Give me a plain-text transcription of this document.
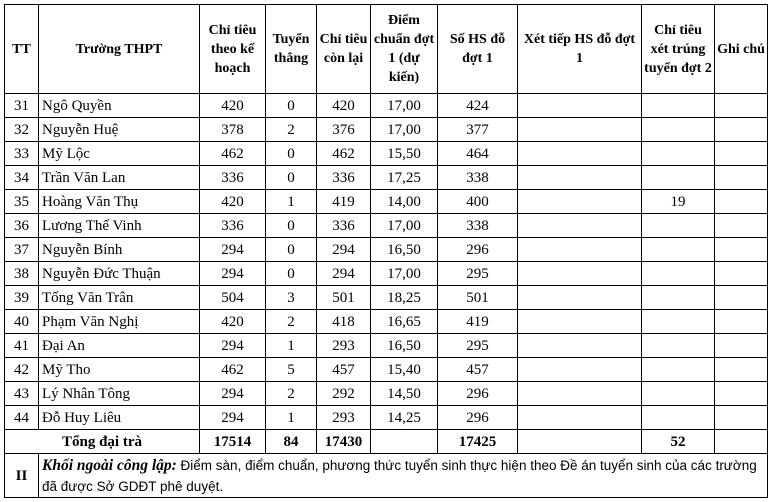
TT	Trường THPT	Chỉ tiêu theo kế hoạch	Tuyển thẳng	Chỉ tiêu còn lại	Điểm chuẩn đợt 1 (dự kiến)	Số HS đỗ đợt 1	Xét tiếp HS đỗ đợt 1	Chỉ tiêu xét trúng tuyển đợt 2	Ghi chú
31	Ngô Quyền	420	0	420	17,00	424			
32	Nguyễn Huệ	378	2	376	17,00	377			
33	Mỹ Lộc	462	0	462	15,50	464			
34	Trần Văn Lan	336	0	336	17,25	338			
35	Hoàng Văn Thụ	420	1	419	14,00	400		19	
36	Lương Thế Vinh	336	0	336	17,00	338			
37	Nguyễn Bính	294	0	294	16,50	296			
38	Nguyễn Đức Thuận	294	0	294	17,00	295			
39	Tống Văn Trân	504	3	501	18,25	501			
40	Phạm Văn Nghị	420	2	418	16,65	419			
41	Đại An	294	1	293	16,50	295			
42	Mỹ Tho	462	5	457	15,40	457			
43	Lý Nhân Tông	294	2	292	14,50	296			
44	Đỗ Huy Liêu	294	1	293	14,25	296			
Tổng đại trà		17514	84	17430		17425		52	
II	Khối ngoài công lập: Điểm sàn, điểm chuẩn, phương thức tuyển sinh thực hiện theo Đề án tuyển sinh của các trường đã được Sở GDĐT phê duyệt.								
